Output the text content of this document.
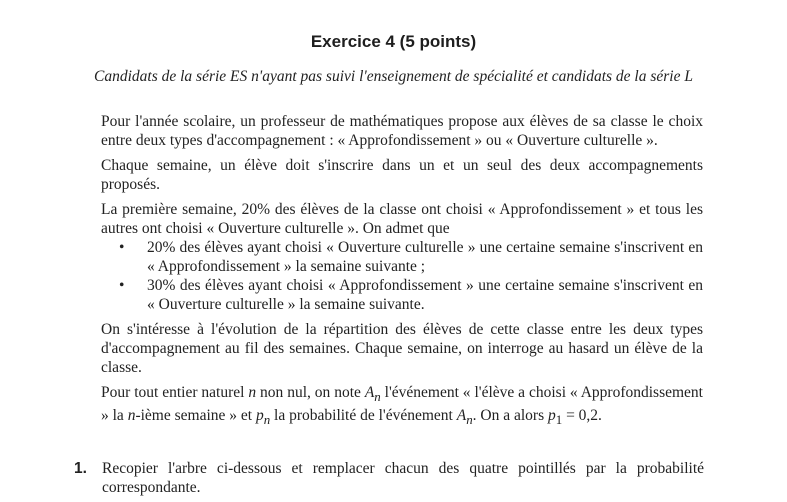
Exercice 4 (5 points)
Candidats de la série ES n'ayant pas suivi l'enseignement de spécialité et candidats de la série L

Pour l'année scolaire, un professeur de mathématiques propose aux élèves de sa classe le choix entre deux types d'accompagnement : « Approfondissement » ou « Ouverture culturelle ».

Chaque semaine, un élève doit s'inscrire dans un et un seul des deux accompagnements proposés.

La première semaine, 20% des élèves de la classe ont choisi « Approfondissement » et tous les autres ont choisi « Ouverture culturelle ». On admet que

• 20% des élèves ayant choisi « Ouverture culturelle » une certaine semaine s'inscrivent en « Approfondissement » la semaine suivante ;
• 30% des élèves ayant choisi « Approfondissement » une certaine semaine s'inscrivent en « Ouverture culturelle » la semaine suivante.

On s'intéresse à l'évolution de la répartition des élèves de cette classe entre les deux types d'accompagnement au fil des semaines. Chaque semaine, on interroge au hasard un élève de la classe.

Pour tout entier naturel n non nul, on note $A_n$ l'événement « l'élève a choisi « Approfondissement » la n-ième semaine » et $p_n$ la probabilité de l'événement $A_n$. On a alors $p_1 = 0,2$.

1. Recopier l'arbre ci-dessous et remplacer chacun des quatre pointillés par la probabilité correspondante.
